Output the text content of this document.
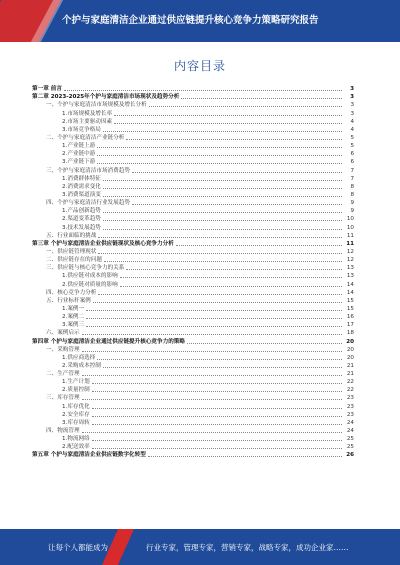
个护与家庭清洁企业通过供应链提升核心竞争力策略研究报告
内容目录
第一章 前言	3
第二章 2023-2025年个护与家庭清洁市场现状及趋势分析	3
一、个护与家庭清洁市场规模及增长分析	3
1.市场规模及增长率	3
2.市场主要驱动因素	4
3.市场竞争格局	4
二、个护与家庭清洁产业链分析	5
1.产业链上游	5
2.产业链中游	6
3.产业链下游	6
三、个护与家庭清洁市场消费趋势	7
1.消费群体特征	7
2.消费需求变化	8
3.消费渠道演变	8
四、个护与家庭清洁行业发展趋势	9
1.产品创新趋势	9
2.渠道变革趋势	10
3.技术发展趋势	10
五、行业面临的挑战	11
第三章 个护与家庭清洁企业供应链现状及核心竞争力分析	11
一、供应链管理现状	12
二、供应链存在的问题	12
三、供应链与核心竞争力的关系	13
1.供应链对成本的影响	13
2.供应链对质量的影响	14
四、核心竞争力分析	14
五、行业标杆案例	15
1.案例一	15
2.案例二	16
3.案例三	17
六、案例启示	18
第四章 个护与家庭清洁企业通过供应链提升核心竞争力的策略	20
一、采购管理	20
1.供应商选择	20
2.采购成本控制	21
二、生产管理	21
1.生产计划	22
2.质量控制	22
三、库存管理	23
1.库存优化	23
2.安全库存	23
3.库存周转	24
四、物流管理	24
1.物流网络	25
2.配送效率	25
第五章 个护与家庭清洁企业供应链数字化转型	26
让每个人都能成为	行业专家，管理专家，营销专家，战略专家，成功企业家……
